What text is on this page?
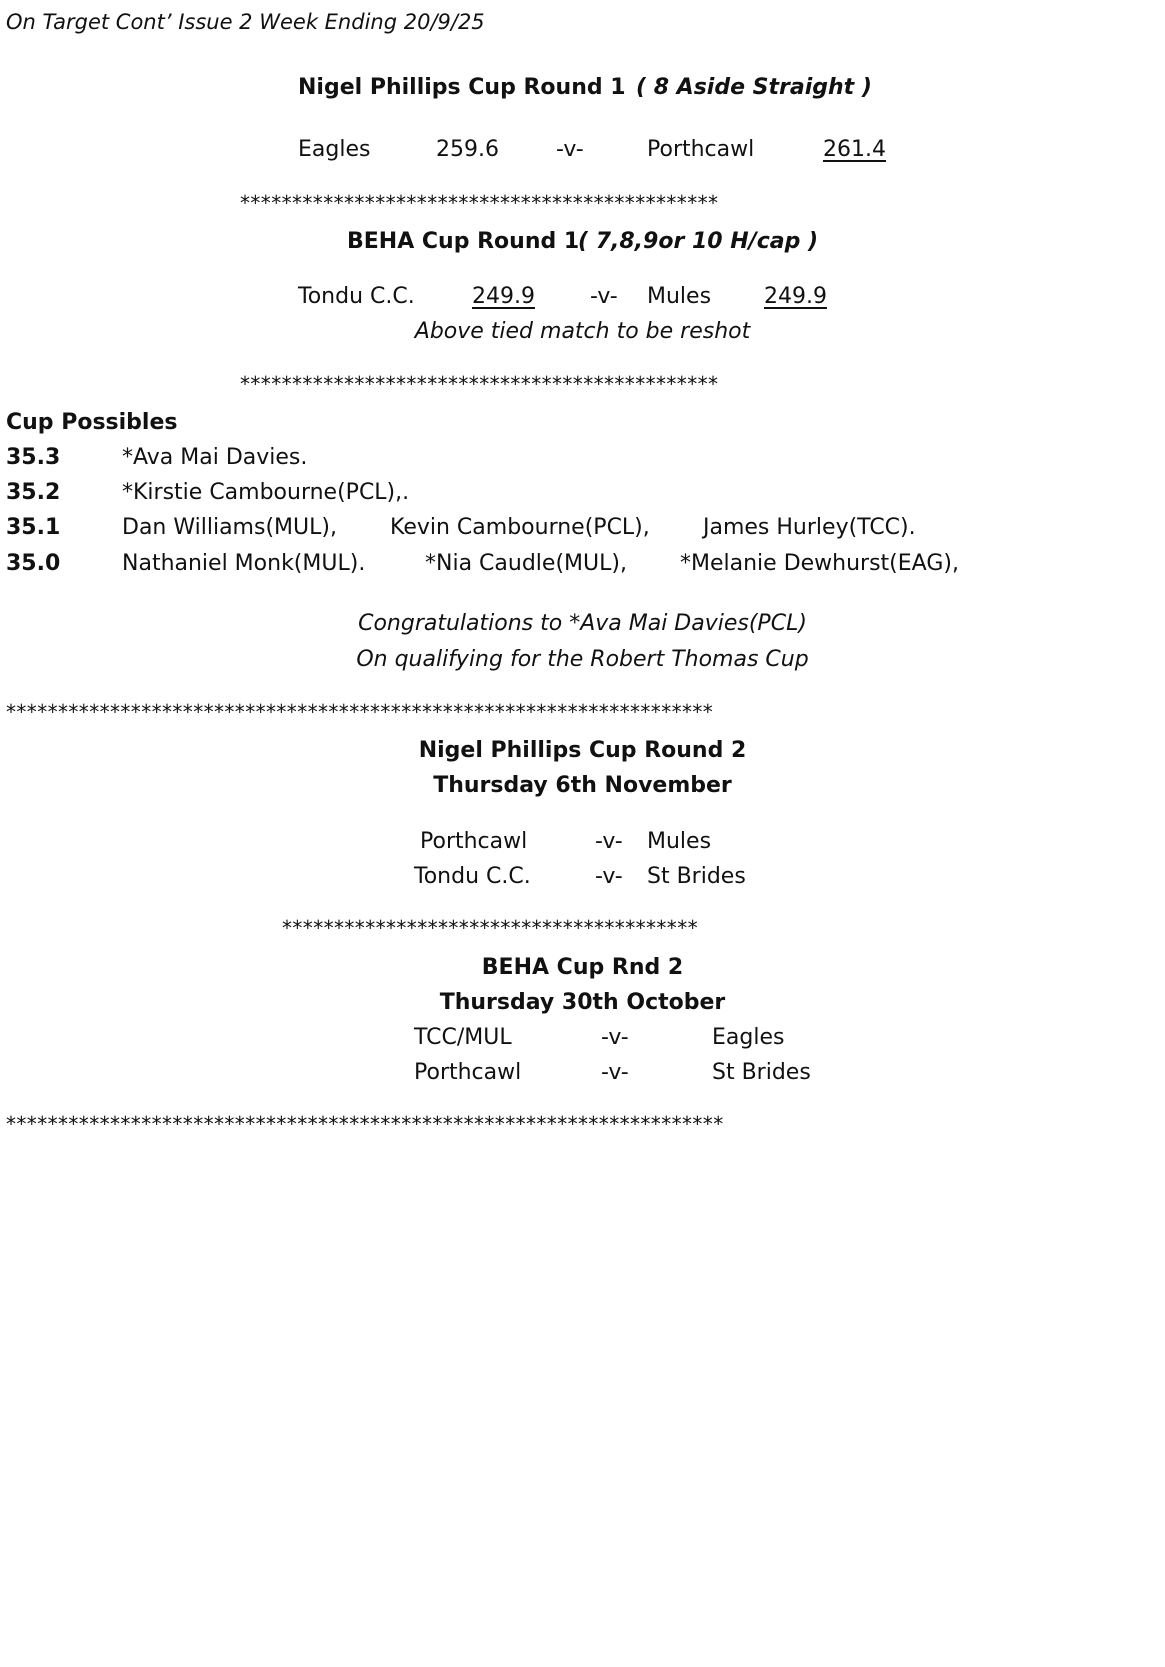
On Target Cont’ Issue 2 Week Ending 20/9/25
Nigel Phillips Cup Round 1 ( 8 Aside Straight )
Eagles	259.6	-v-	Porthcawl	261.4
**********************************************
BEHA Cup Round 1
( 7,8,9or 10 H/cap )
Tondu C.C.	249.9	-v- Mules 249.9
Above tied match to be reshot
**********************************************
Cup Possibles
35.3	*Ava Mai Davies.
35.2	*Kirstie Cambourne(PCL),.
35.1	Dan Williams(MUL), Kevin Cambourne(PCL), James Hurley(TCC).
35.0	Nathaniel Monk(MUL).	*Nia Caudle(MUL), *Melanie Dewhurst(EAG),
Congratulations to *Ava Mai Davies(PCL)
On qualifying for the Robert Thomas Cup
********************************************************************
Nigel Phillips Cup Round 2
Thursday 6th November
Porthcawl	-v- Mules
Tondu C.C.	-v- St Brides
****************************************
BEHA Cup Rnd 2
Thursday 30th October
TCC/MUL	-v-	Eagles
Porthcawl	-v-	St Brides
*********************************************************************
